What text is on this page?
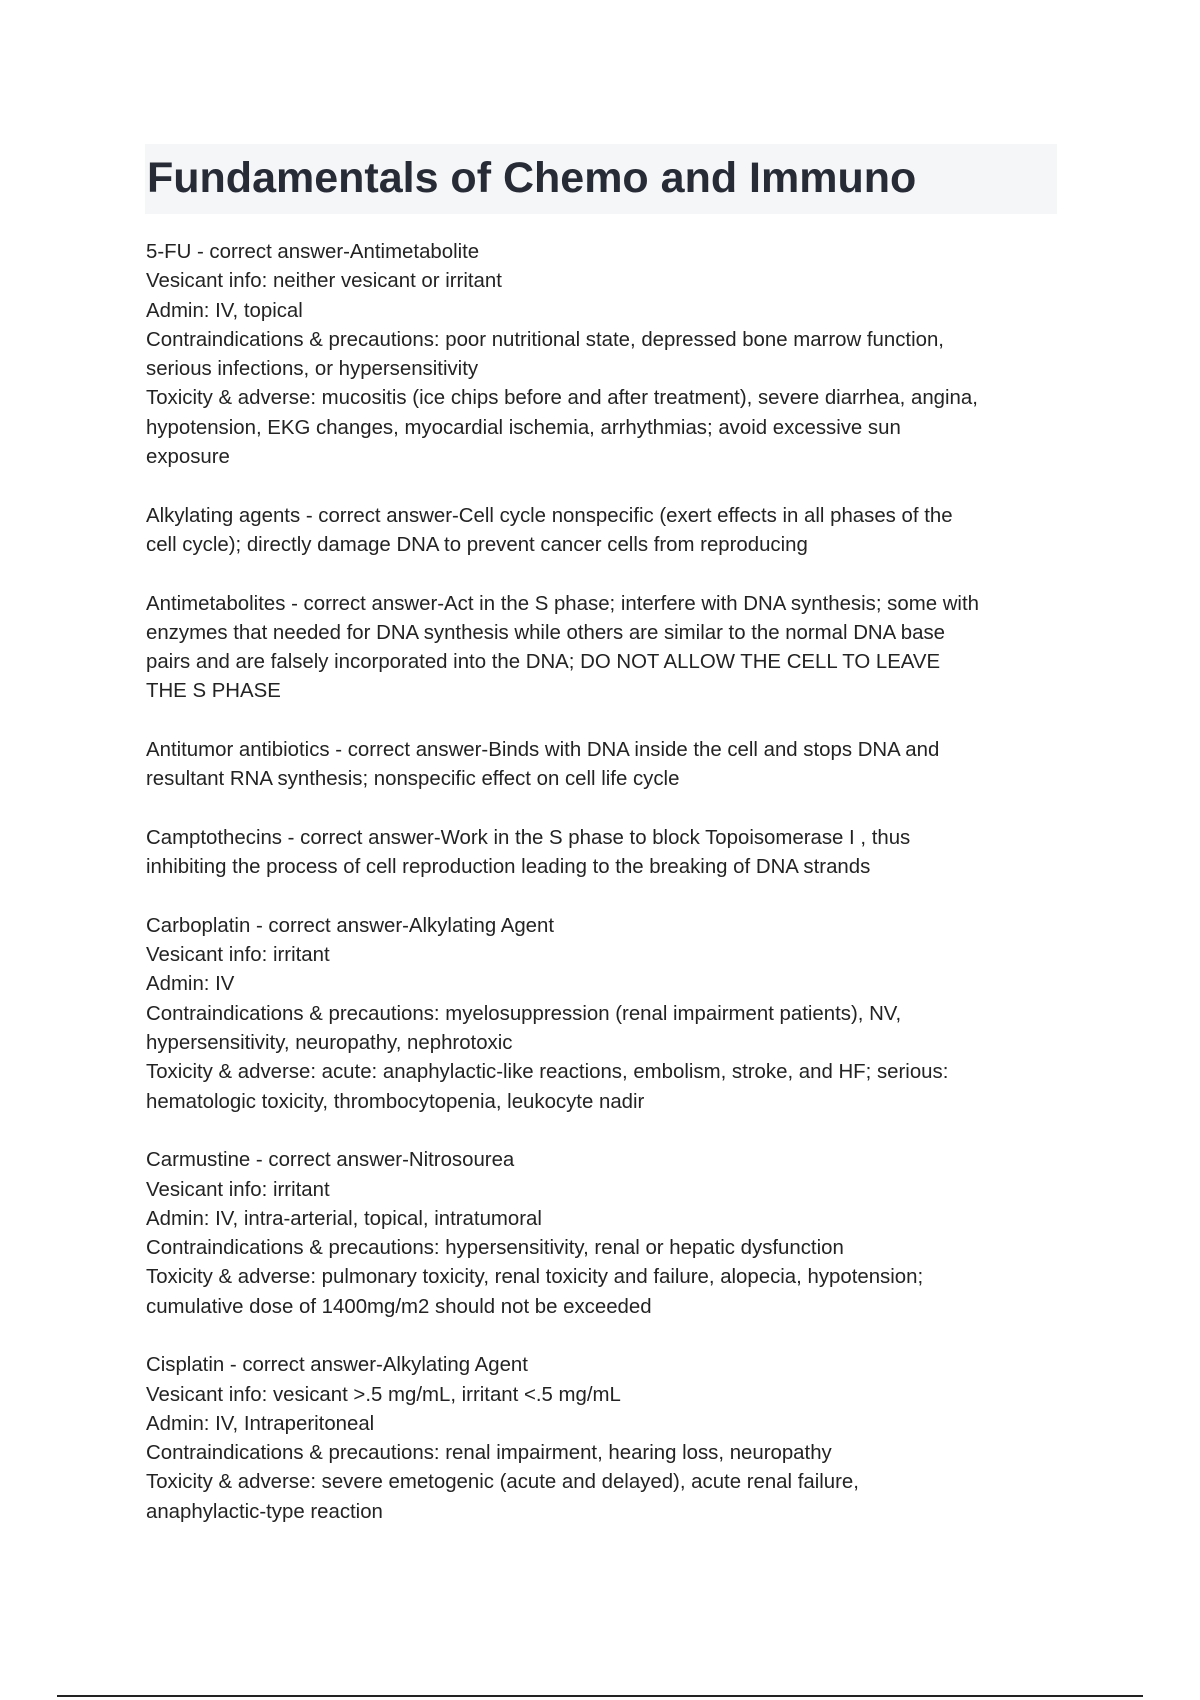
Fundamentals of Chemo and Immuno
5-FU - correct answer-Antimetabolite
Vesicant info: neither vesicant or irritant
Admin: IV, topical
Contraindications & precautions: poor nutritional state, depressed bone marrow function,
serious infections, or hypersensitivity
Toxicity & adverse: mucositis (ice chips before and after treatment), severe diarrhea, angina,
hypotension, EKG changes, myocardial ischemia, arrhythmias; avoid excessive sun
exposure
Alkylating agents - correct answer-Cell cycle nonspecific (exert effects in all phases of the
cell cycle); directly damage DNA to prevent cancer cells from reproducing
Antimetabolites - correct answer-Act in the S phase; interfere with DNA synthesis; some with
enzymes that needed for DNA synthesis while others are similar to the normal DNA base
pairs and are falsely incorporated into the DNA; DO NOT ALLOW THE CELL TO LEAVE
THE S PHASE
Antitumor antibiotics - correct answer-Binds with DNA inside the cell and stops DNA and
resultant RNA synthesis; nonspecific effect on cell life cycle
Camptothecins - correct answer-Work in the S phase to block Topoisomerase I , thus
inhibiting the process of cell reproduction leading to the breaking of DNA strands
Carboplatin - correct answer-Alkylating Agent
Vesicant info: irritant
Admin: IV
Contraindications & precautions: myelosuppression (renal impairment patients), NV,
hypersensitivity, neuropathy, nephrotoxic
Toxicity & adverse: acute: anaphylactic-like reactions, embolism, stroke, and HF; serious:
hematologic toxicity, thrombocytopenia, leukocyte nadir
Carmustine - correct answer-Nitrosourea
Vesicant info: irritant
Admin: IV, intra-arterial, topical, intratumoral
Contraindications & precautions: hypersensitivity, renal or hepatic dysfunction
Toxicity & adverse: pulmonary toxicity, renal toxicity and failure, alopecia, hypotension;
cumulative dose of 1400mg/m2 should not be exceeded
Cisplatin - correct answer-Alkylating Agent
Vesicant info: vesicant >.5 mg/mL, irritant <.5 mg/mL
Admin: IV, Intraperitoneal
Contraindications & precautions: renal impairment, hearing loss, neuropathy
Toxicity & adverse: severe emetogenic (acute and delayed), acute renal failure,
anaphylactic-type reaction
